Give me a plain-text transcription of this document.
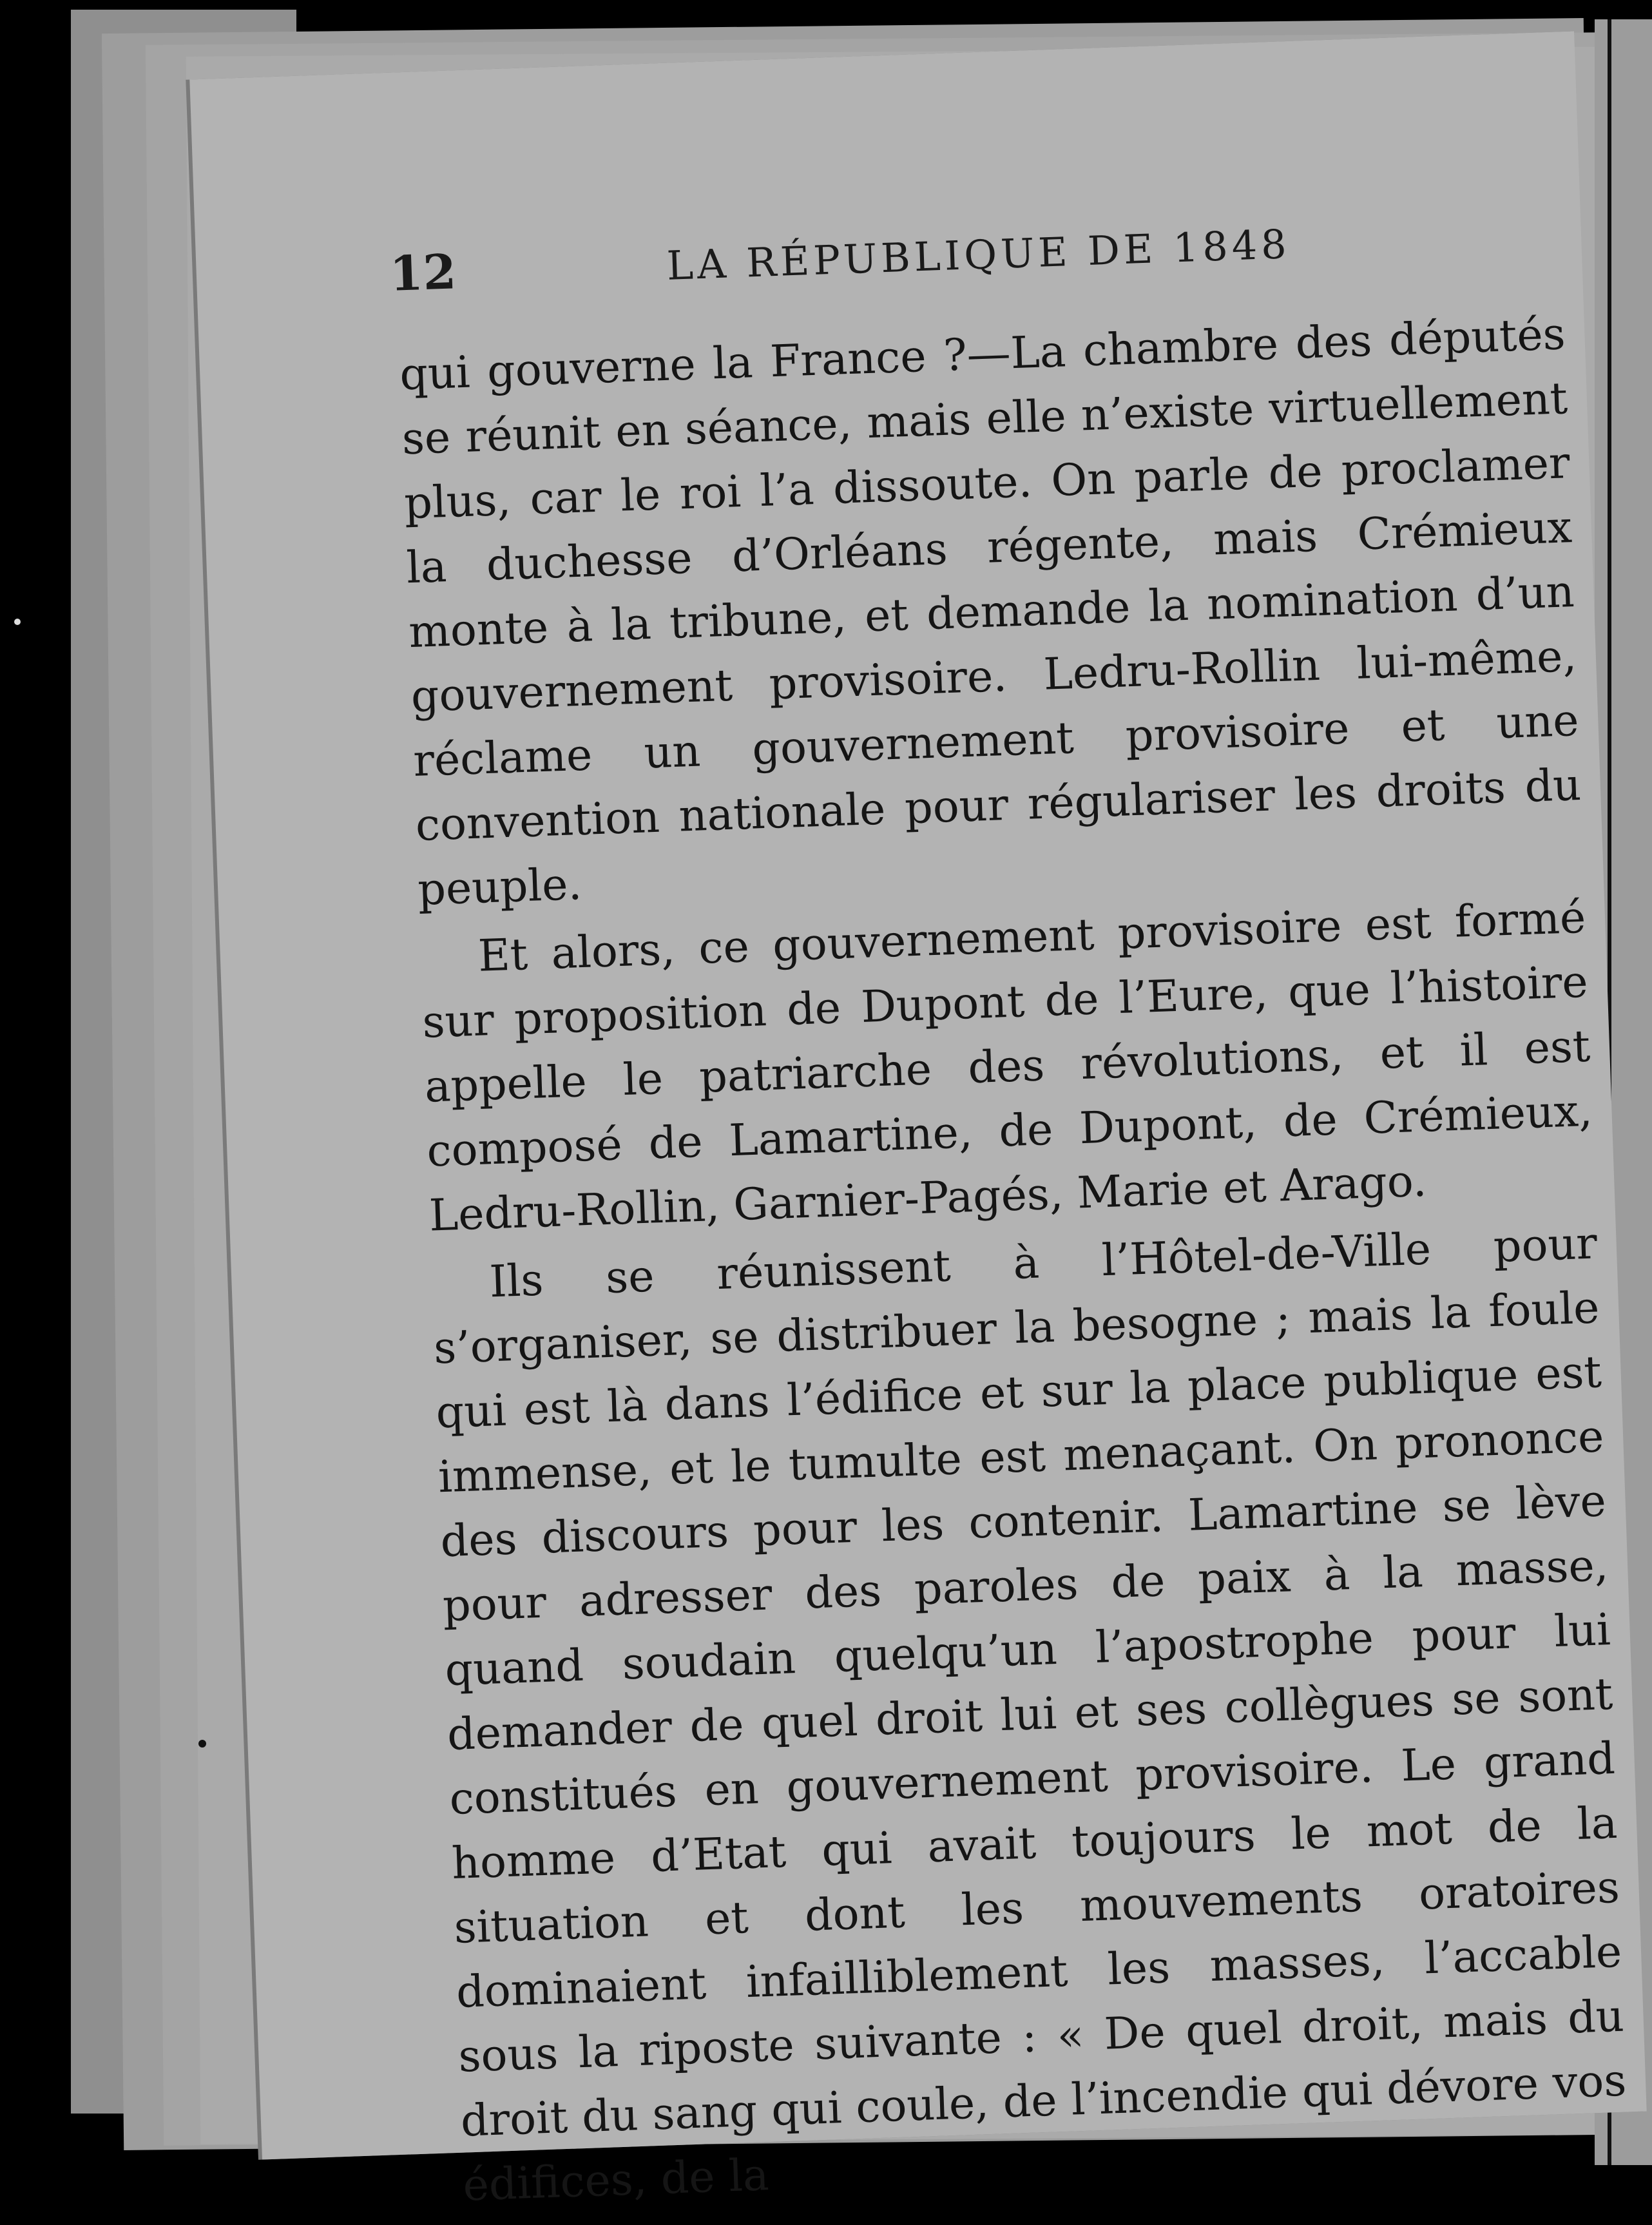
12	LA RÉPUBLIQUE DE 1848

qui gouverne la France ?—La chambre des députés se réunit en séance, mais elle n’existe virtuellement plus, car le roi l’a dissoute. On parle de proclamer la duchesse d’Orléans régente, mais Crémieux monte à la tribune, et demande la nomination d’un gouvernement provisoire. Ledru-Rollin lui-même, réclame un gouvernement provisoire et une convention nationale pour régulariser les droits du peuple.

Et alors, ce gouvernement provisoire est formé sur proposition de Dupont de l’Eure, que l’histoire appelle le patriarche des révolutions, et il est composé de Lamartine, de Dupont, de Crémieux, Ledru-Rollin, Garnier-Pagés, Marie et Arago.

Ils se réunissent à l’Hôtel-de-Ville pour s’organiser, se distribuer la besogne ; mais la foule qui est là dans l’édifice et sur la place publique est immense, et le tumulte est menaçant. On prononce des discours pour les contenir. Lamartine se lève pour adresser des paroles de paix à la masse, quand soudain quelqu’un l’apostrophe pour lui demander de quel droit lui et ses collègues se sont constitués en gouvernement provisoire. Le grand homme d’Etat qui avait toujours le mot de la situation et dont les mouvements oratoires dominaient infailliblement les masses, l’accable sous la riposte suivante : « De quel droit, mais du droit du sang qui coule, de l’incendie qui dévore vos édifices, de la
